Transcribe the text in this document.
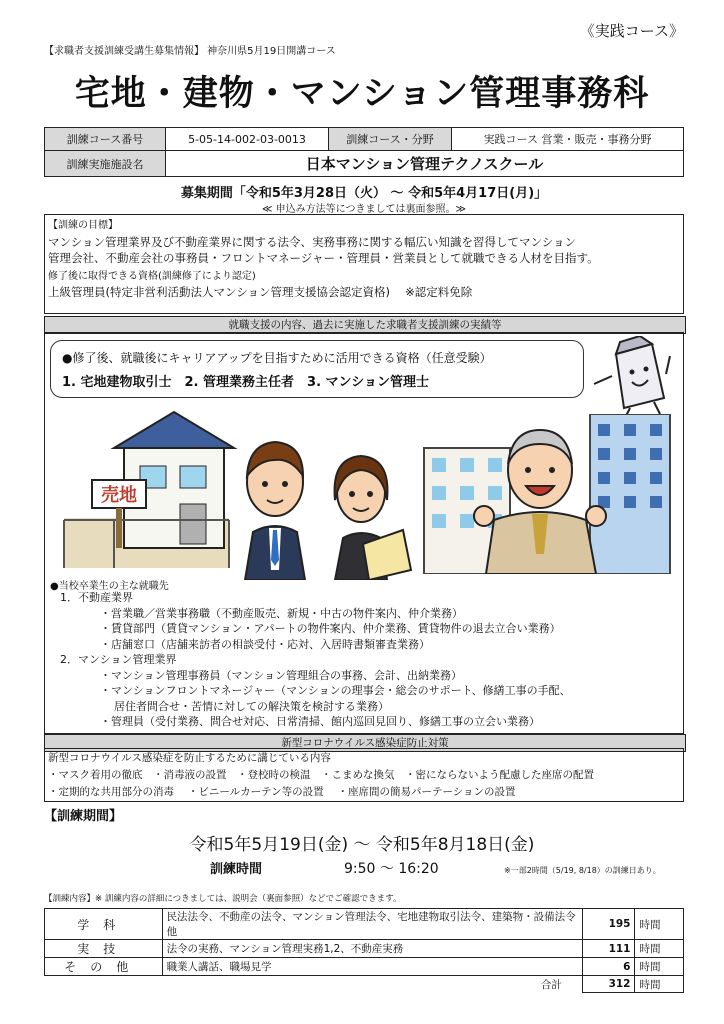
《実践コース》
【求職者支援訓練受講生募集情報】 神奈川県5月19日開講コース
宅地・建物・マンション管理事務科
訓練コース番号	5-05-14-002-03-0013	訓練コース・分野	実践コース 営業・販売・事務分野
訓練実施施設名	日本マンション管理テクノスクール		
募集期間「令和5年3月28日（火） ～ 令和5年4月17日(月)」
≪ 申込み方法等につきましては裏面参照。≫
【訓練の目標】
マンション管理業界及び不動産業界に関する法令、実務事務に関する幅広い知識を習得してマンション
管理会社、不動産会社の事務員・フロントマネージャー・管理員・営業員として就職できる人材を目指す。
修了後に取得できる資格(訓練修了により認定)
上級管理員(特定非営利活動法人マンション管理支援協会認定資格)　 ※認定料免除
就職支援の内容、過去に実施した求職者支援訓練の実績等
●修了後、就職後にキャリアアップを目指すために活用できる資格（任意受験）
1. 宅地建物取引士　2. 管理業務主任者　3. マンション管理士
売地
●当校卒業生の主な就職先
1．不動産業界
・営業職／営業事務職（不動産販売、新規・中古の物件案内、仲介業務）
・賃貸部門（賃貸マンション・アパートの物件案内、仲介業務、賃貸物件の退去立合い業務）
・店舗窓口（店舗来訪者の相談受付・応対、入居時書類審査業務）
2．マンション管理業界
・マンション管理事務員（マンション管理組合の事務、会計、出納業務）
・マンションフロントマネージャー（マンションの理事会・総会のサポート、修繕工事の手配、
居住者問合せ・苦情に対しての解決策を検討する業務）
・管理員（受付業務、問合せ対応、日常清掃、館内巡回見回り、修繕工事の立会い業務）
新型コロナウイルス感染症防止対策
新型コロナウイルス感染症を防止するために講じている内容
・マスク着用の徹底　・消毒液の設置　・登校時の検温　・こまめな換気　・密にならないよう配慮した座席の配置
・定期的な共用部分の消毒　 ・ビニールカーテン等の設置　 ・座席間の簡易パーテーションの設置
【訓練期間】
令和5年5月19日(金) ～ 令和5年8月18日(金)
訓練時間	9:50 ～ 16:20	※一部2時間（5/19, 8/18）の訓練日あり。
【訓練内容】※ 訓練内容の詳細につきましては、説明会（裏面参照）などでご確認できます。
学科	民法法令、不動産の法令、マンション管理法令、宅地建物取引法令、建築物・設備法令他	195	時間
実技	法令の実務、マンション管理実務1,2、不動産実務	111	時間
その他	職業人講話、職場見学	6	時間
合計		312	時間
